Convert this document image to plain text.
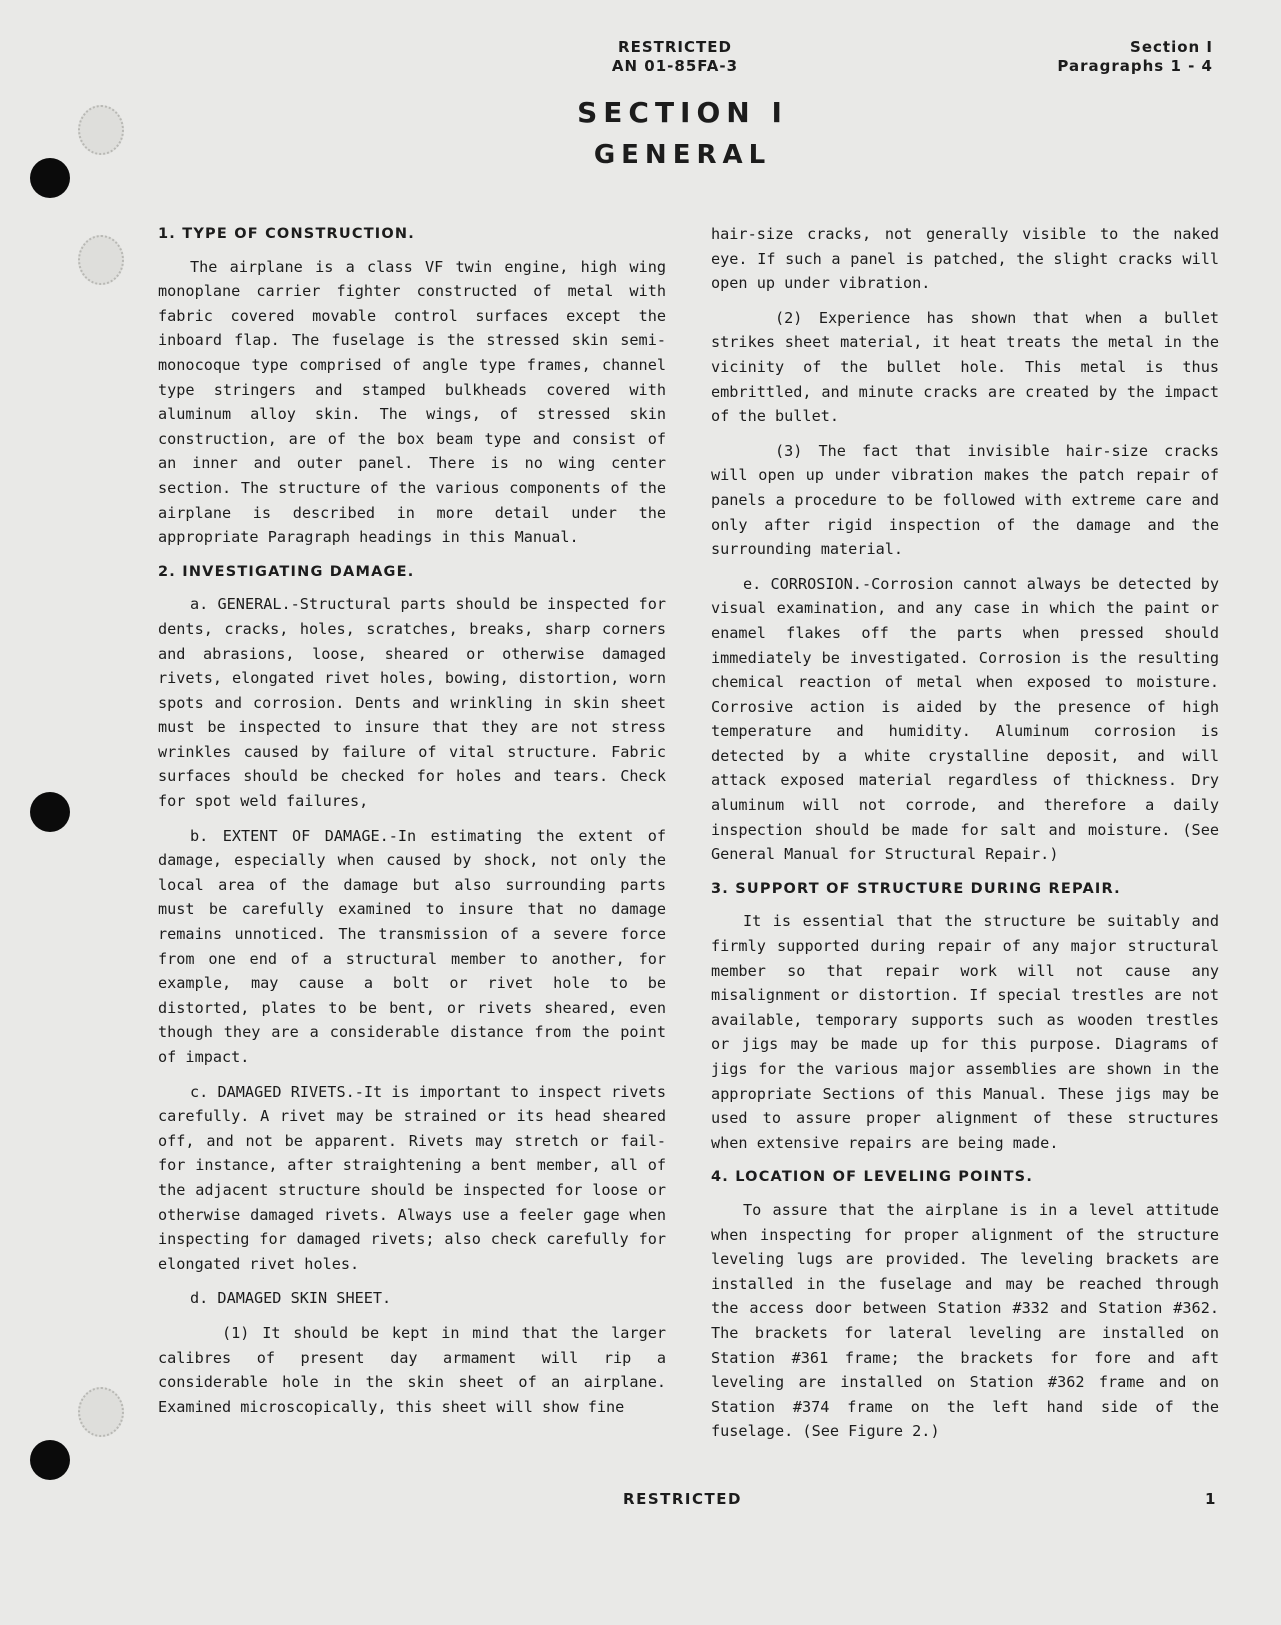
RESTRICTED
AN 01-85FA-3
Section I
Paragraphs 1 - 4
SECTION I
GENERAL

1. TYPE OF CONSTRUCTION.

The airplane is a class VF twin engine, high wing monoplane carrier fighter constructed of metal with fabric covered movable control surfaces except the inboard flap. The fuselage is the stressed skin semi-monocoque type comprised of angle type frames, channel type stringers and stamped bulkheads covered with aluminum alloy skin. The wings, of stressed skin construction, are of the box beam type and consist of an inner and outer panel. There is no wing center section. The structure of the various components of the airplane is described in more detail under the appropriate Paragraph headings in this Manual.

2. INVESTIGATING DAMAGE.

a. GENERAL.-Structural parts should be inspected for dents, cracks, holes, scratches, breaks, sharp corners and abrasions, loose, sheared or otherwise damaged rivets, elongated rivet holes, bowing, distortion, worn spots and corrosion. Dents and wrinkling in skin sheet must be inspected to insure that they are not stress wrinkles caused by failure of vital structure. Fabric surfaces should be checked for holes and tears. Check for spot weld failures,

b. EXTENT OF DAMAGE.-In estimating the extent of damage, especially when caused by shock, not only the local area of the damage but also surrounding parts must be carefully examined to insure that no damage remains unnoticed. The transmission of a severe force from one end of a structural member to another, for example, may cause a bolt or rivet hole to be distorted, plates to be bent, or rivets sheared, even though they are a considerable distance from the point of impact.

c. DAMAGED RIVETS.-It is important to inspect rivets carefully. A rivet may be strained or its head sheared off, and not be apparent. Rivets may stretch or fail- for instance, after straightening a bent member, all of the adjacent structure should be inspected for loose or otherwise damaged rivets. Always use a feeler gage when inspecting for damaged rivets; also check carefully for elongated rivet holes.

d. DAMAGED SKIN SHEET.

(1) It should be kept in mind that the larger calibres of present day armament will rip a considerable hole in the skin sheet of an airplane. Examined microscopically, this sheet will show fine

hair-size cracks, not generally visible to the naked eye. If such a panel is patched, the slight cracks will open up under vibration.

(2) Experience has shown that when a bullet strikes sheet material, it heat treats the metal in the vicinity of the bullet hole. This metal is thus embrittled, and minute cracks are created by the impact of the bullet.

(3) The fact that invisible hair-size cracks will open up under vibration makes the patch repair of panels a procedure to be followed with extreme care and only after rigid inspection of the damage and the surrounding material.

e. CORROSION.-Corrosion cannot always be detected by visual examination, and any case in which the paint or enamel flakes off the parts when pressed should immediately be investigated. Corrosion is the resulting chemical reaction of metal when exposed to moisture. Corrosive action is aided by the presence of high temperature and humidity. Aluminum corrosion is detected by a white crystalline deposit, and will attack exposed material regardless of thickness. Dry aluminum will not corrode, and therefore a daily inspection should be made for salt and moisture. (See General Manual for Structural Repair.)

3. SUPPORT OF STRUCTURE DURING REPAIR.

It is essential that the structure be suitably and firmly supported during repair of any major structural member so that repair work will not cause any misalignment or distortion. If special trestles are not available, temporary supports such as wooden trestles or jigs may be made up for this purpose. Diagrams of jigs for the various major assemblies are shown in the appropriate Sections of this Manual. These jigs may be used to assure proper alignment of these structures when extensive repairs are being made.

4. LOCATION OF LEVELING POINTS.

To assure that the airplane is in a level attitude when inspecting for proper alignment of the structure leveling lugs are provided. The leveling brackets are installed in the fuselage and may be reached through the access door between Station #332 and Station #362. The brackets for lateral leveling are installed on Station #361 frame; the brackets for fore and aft leveling are installed on Station #362 frame and on Station #374 frame on the left hand side of the fuselage. (See Figure 2.)

RESTRICTED	1
